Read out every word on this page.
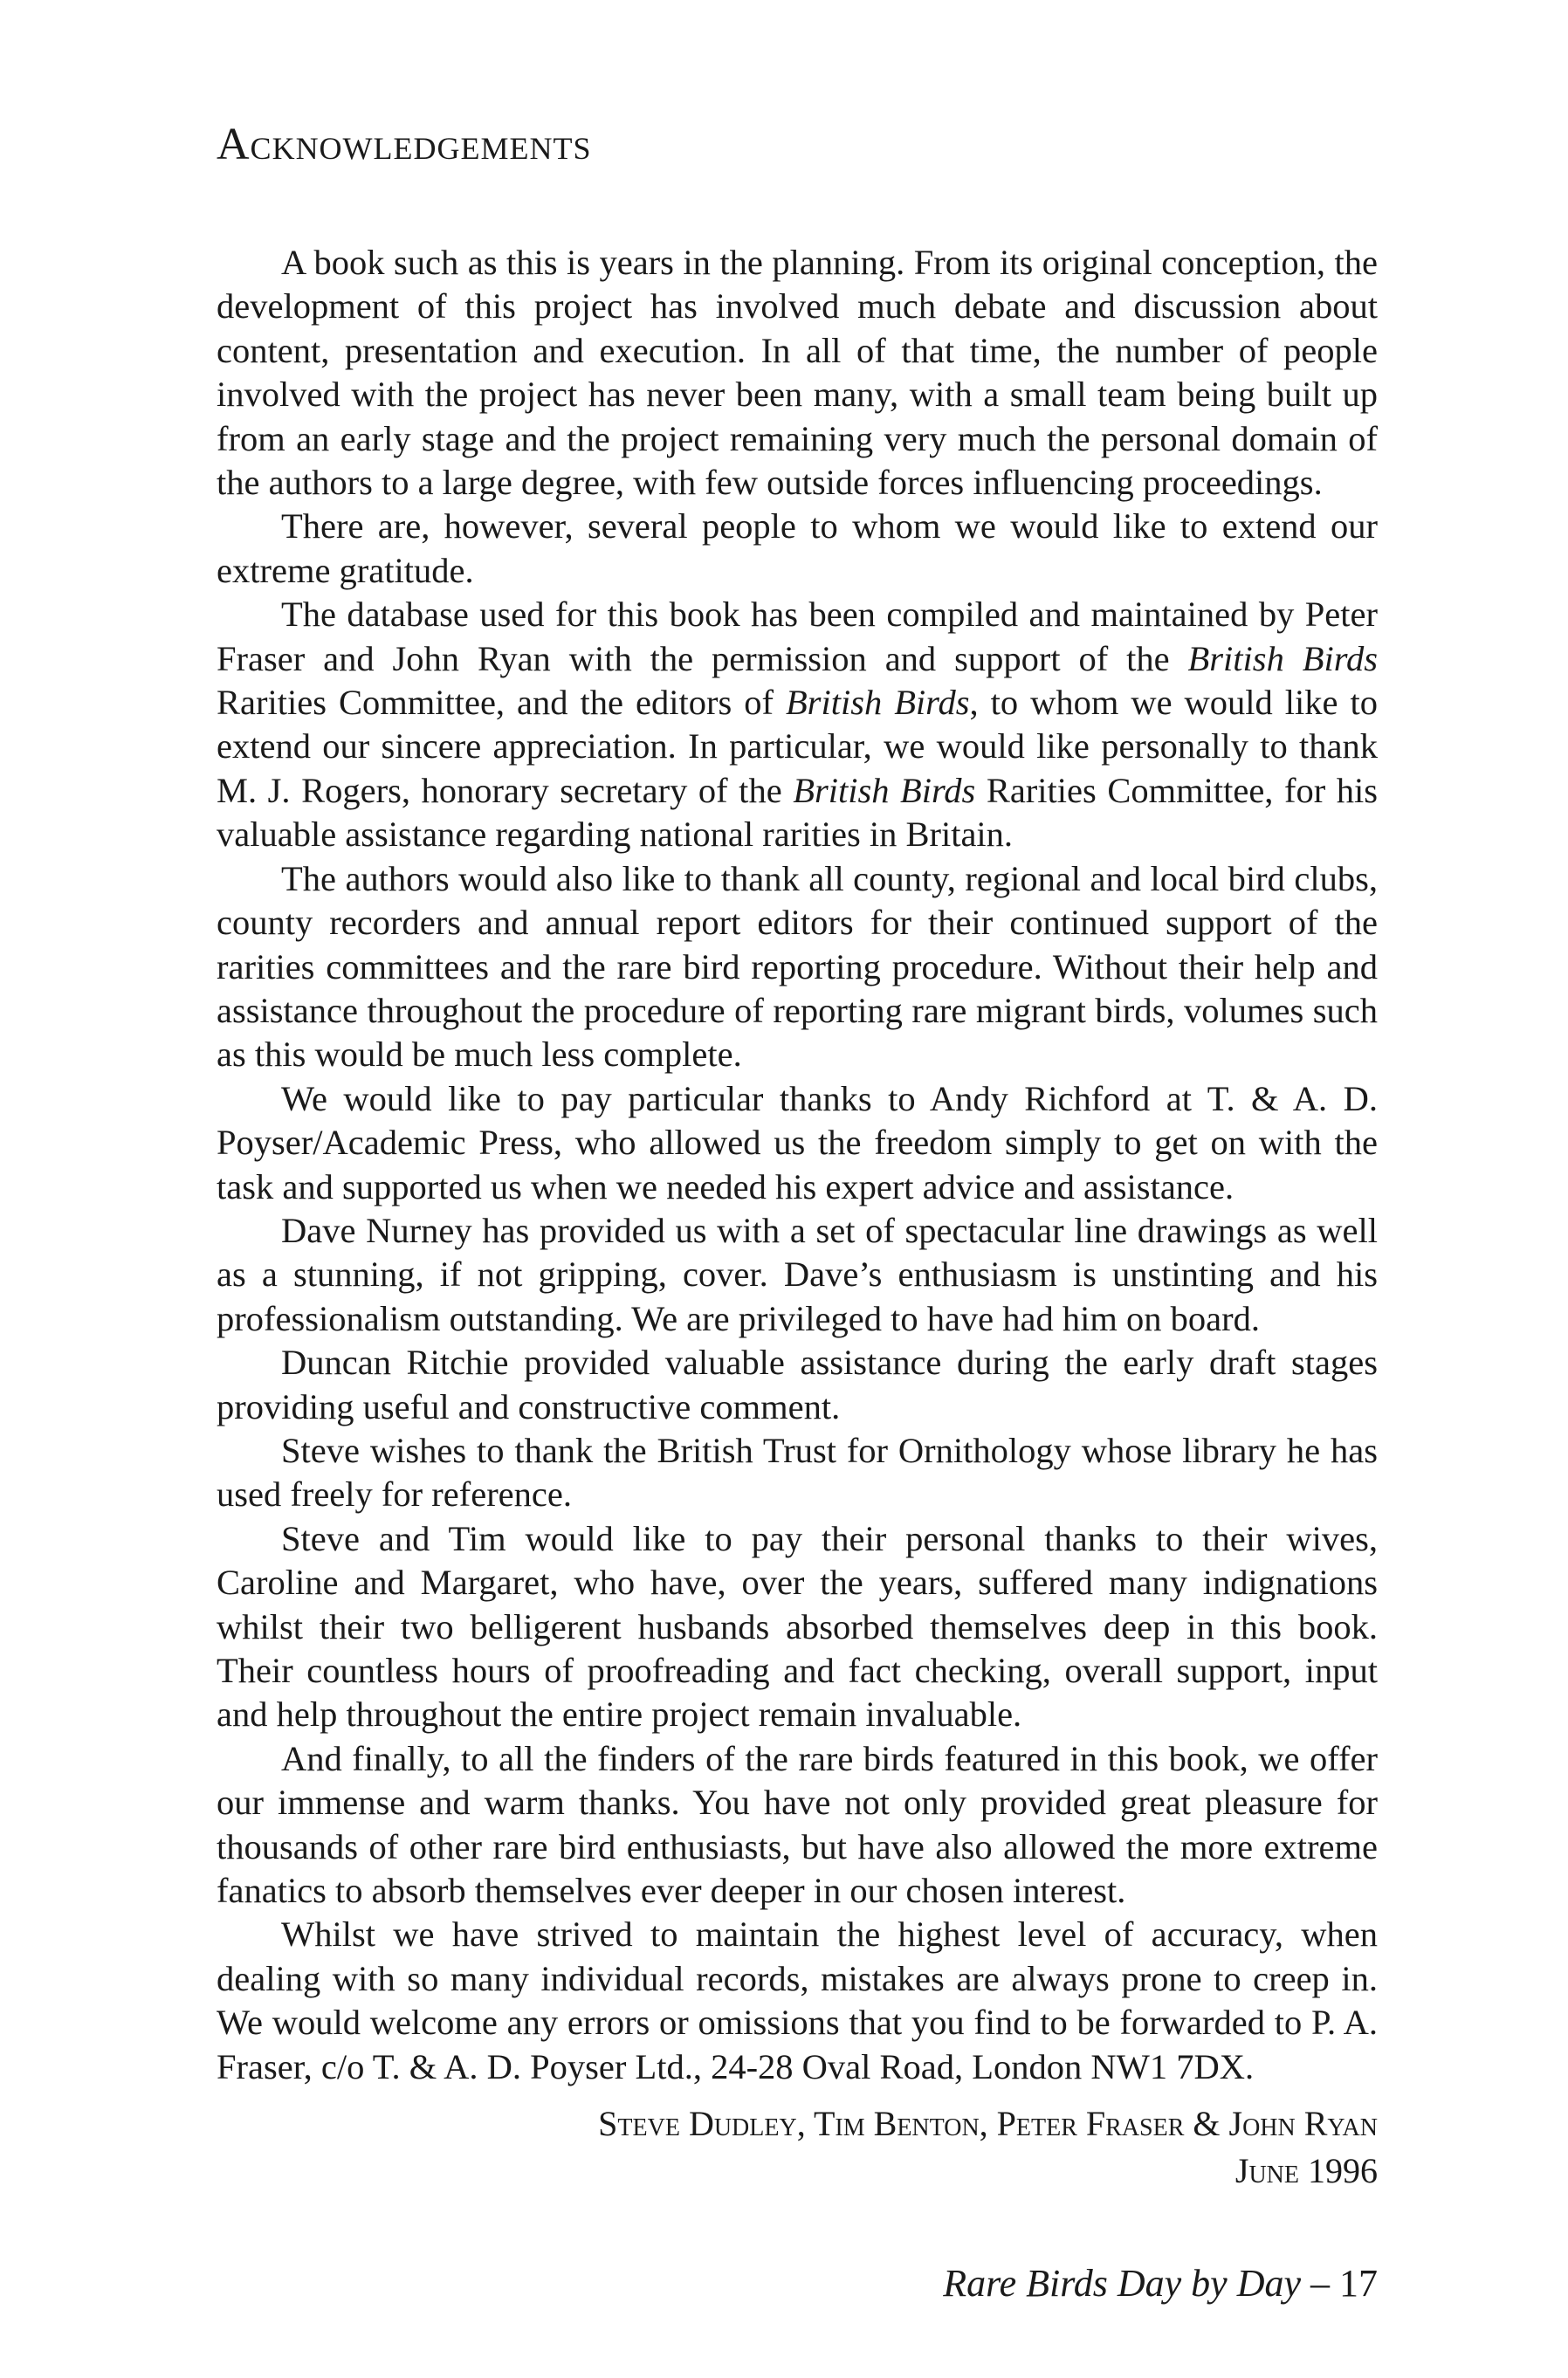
Acknowledgements

A book such as this is years in the planning. From its original conception, the development of this project has involved much debate and discussion about content, presentation and execution. In all of that time, the number of people involved with the project has never been many, with a small team being built up from an early stage and the project remaining very much the personal domain of the authors to a large degree, with few outside forces influencing proceedings.

There are, however, several people to whom we would like to extend our extreme gratitude.

The database used for this book has been compiled and maintained by Peter Fraser and John Ryan with the permission and support of the British Birds Rarities Committee, and the editors of British Birds, to whom we would like to extend our sincere appreciation. In particular, we would like personally to thank M. J. Rogers, honorary secretary of the British Birds Rarities Committee, for his valuable assistance regarding national rarities in Britain.

The authors would also like to thank all county, regional and local bird clubs, county recorders and annual report editors for their continued support of the rarities committees and the rare bird reporting procedure. Without their help and assistance throughout the procedure of reporting rare migrant birds, volumes such as this would be much less complete.

We would like to pay particular thanks to Andy Richford at T. & A. D. Poyser/Academic Press, who allowed us the freedom simply to get on with the task and supported us when we needed his expert advice and assistance.

Dave Nurney has provided us with a set of spectacular line drawings as well as a stunning, if not gripping, cover. Dave’s enthusiasm is unstinting and his professionalism outstanding. We are privileged to have had him on board.

Duncan Ritchie provided valuable assistance during the early draft stages providing useful and constructive comment.

Steve wishes to thank the British Trust for Ornithology whose library he has used freely for reference.

Steve and Tim would like to pay their personal thanks to their wives, Caroline and Margaret, who have, over the years, suffered many indignations whilst their two belligerent husbands absorbed themselves deep in this book. Their countless hours of proofreading and fact checking, overall support, input and help throughout the entire project remain invaluable.

And finally, to all the finders of the rare birds featured in this book, we offer our immense and warm thanks. You have not only provided great pleasure for thousands of other rare bird enthusiasts, but have also allowed the more extreme fanatics to absorb themselves ever deeper in our chosen interest.

Whilst we have strived to maintain the highest level of accuracy, when dealing with so many individual records, mistakes are always prone to creep in. We would welcome any errors or omissions that you find to be forwarded to P. A. Fraser, c/o T. & A. D. Poyser Ltd., 24-28 Oval Road, London NW1 7DX.

Steve Dudley, Tim Benton, Peter Fraser & John Ryan
June 1996
Rare Birds Day by Day – 17
